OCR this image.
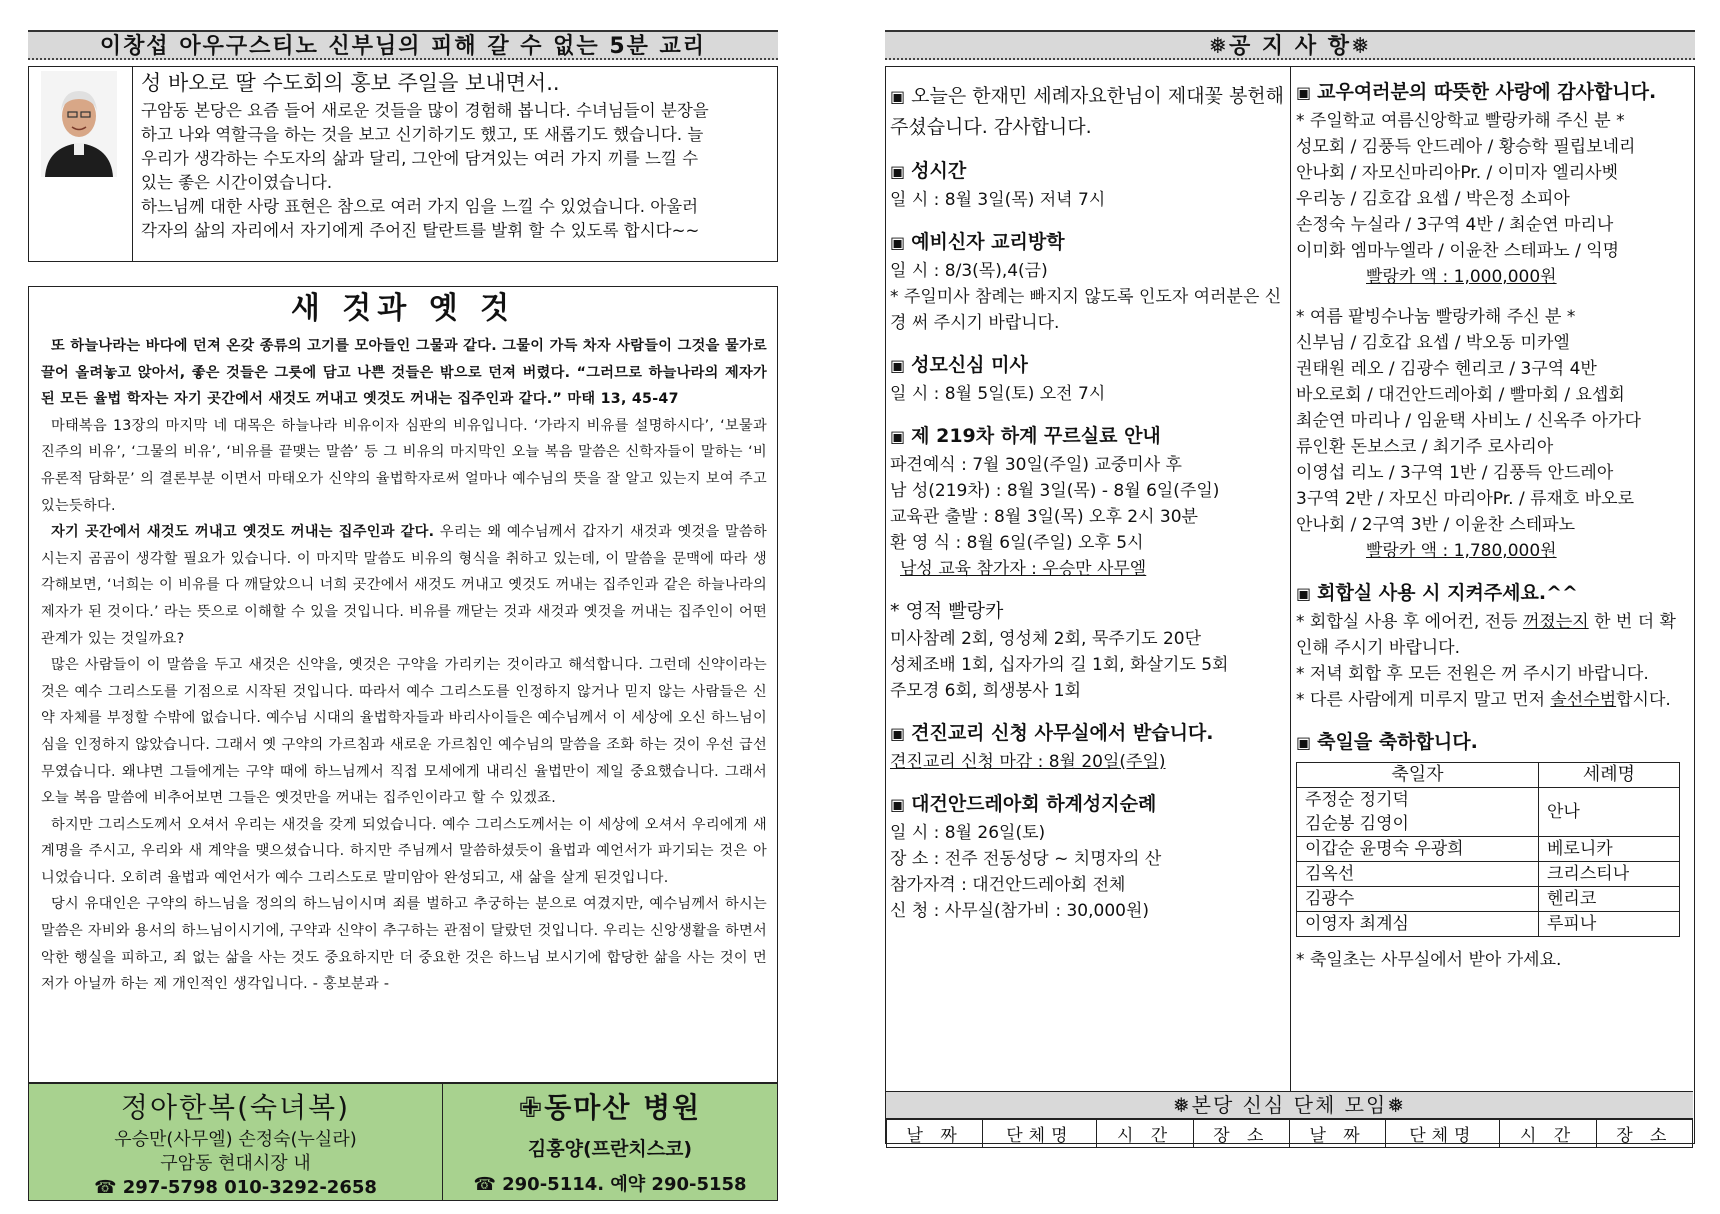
이창섭 아우구스티노 신부님의 피해 갈 수 없는 5분 교리
성 바오로 딸 수도회의 홍보 주일을 보내면서..
구암동 본당은 요즘 들어 새로운 것들을 많이 경험해 봅니다. 수녀님들이 분장을
하고 나와 역할극을 하는 것을 보고 신기하기도 했고, 또 새롭기도 했습니다. 늘
우리가 생각하는 수도자의 삶과 달리, 그안에 담겨있는 여러 가지 끼를 느낄 수
있는 좋은 시간이였습니다.
하느님께 대한 사랑 표현은 참으로 여러 가지 임을 느낄 수 있었습니다. 아울러
각자의 삶의 자리에서 자기에게 주어진 탈란트를 발휘 할 수 있도록 합시다~~
새 것과 옛 것

또 하늘나라는 바다에 던져 온갖 종류의 고기를 모아들인 그물과 같다. 그물이 가득 차자 사람들이 그것을 물가로 끌어 올려놓고 앉아서, 좋은 것들은 그릇에 담고 나쁜 것들은 밖으로 던져 버렸다. “그러므로 하늘나라의 제자가 된 모든 율법 학자는 자기 곳간에서 새것도 꺼내고 옛것도 꺼내는 집주인과 같다.” 마태 13, 45-47

마태복음 13장의 마지막 네 대목은 하늘나라 비유이자 심판의 비유입니다. ‘가라지 비유를 설명하시다’, ‘보물과 진주의 비유’, ‘그물의 비유’, ‘비유를 끝맺는 말씀’ 등 그 비유의 마지막인 오늘 복음 말씀은 신학자들이 말하는 ‘비유론적 담화문’ 의 결론부분 이면서 마태오가 신약의 율법학자로써 얼마나 예수님의 뜻을 잘 알고 있는지 보여 주고 있는듯하다.

자기 곳간에서 새것도 꺼내고 옛것도 꺼내는 집주인과 같다. 우리는 왜 예수님께서 갑자기 새것과 옛것을 말씀하시는지 곰곰이 생각할 필요가 있습니다. 이 마지막 말씀도 비유의 형식을 취하고 있는데, 이 말씀을 문맥에 따라 생각해보면, ‘너희는 이 비유를 다 깨달았으니 너희 곳간에서 새것도 꺼내고 옛것도 꺼내는 집주인과 같은 하늘나라의 제자가 된 것이다.’ 라는 뜻으로 이해할 수 있을 것입니다. 비유를 깨닫는 것과 새것과 옛것을 꺼내는 집주인이 어떤 관계가 있는 것일까요?

많은 사람들이 이 말씀을 두고 새것은 신약을, 옛것은 구약을 가리키는 것이라고 해석합니다. 그런데 신약이라는 것은 예수 그리스도를 기점으로 시작된 것입니다. 따라서 예수 그리스도를 인정하지 않거나 믿지 않는 사람들은 신약 자체를 부정할 수밖에 없습니다. 예수님 시대의 율법학자들과 바리사이들은 예수님께서 이 세상에 오신 하느님이심을 인정하지 않았습니다. 그래서 옛 구약의 가르침과 새로운 가르침인 예수님의 말씀을 조화 하는 것이 우선 급선무였습니다. 왜냐면 그들에게는 구약 때에 하느님께서 직접 모세에게 내리신 율법만이 제일 중요했습니다. 그래서 오늘 복음 말씀에 비추어보면 그들은 옛것만을 꺼내는 집주인이라고 할 수 있겠죠.

하지만 그리스도께서 오셔서 우리는 새것을 갖게 되었습니다. 예수 그리스도께서는 이 세상에 오셔서 우리에게 새 계명을 주시고, 우리와 새 계약을 맺으셨습니다. 하지만 주님께서 말씀하셨듯이 율법과 예언서가 파기되는 것은 아니었습니다. 오히려 율법과 예언서가 예수 그리스도로 말미암아 완성되고, 새 삶을 살게 된것입니다.

당시 유대인은 구약의 하느님을 정의의 하느님이시며 죄를 벌하고 추궁하는 분으로 여겼지만, 예수님께서 하시는 말씀은 자비와 용서의 하느님이시기에, 구약과 신약이 추구하는 관점이 달랐던 것입니다. 우리는 신앙생활을 하면서 악한 행실을 피하고, 죄 없는 삶을 사는 것도 중요하지만 더 중요한 것은 하느님 보시기에 합당한 삶을 사는 것이 먼저가 아닐까 하는 제 개인적인 생각입니다. - 홍보분과 -

정아한복(숙녀복)
우승만(사무엘) 손정숙(누실라)
구암동 현대시장 내
☎ 297-5798 010-3292-2658
✙동마산 병원
김홍양(프란치스코)
☎ 290-5114. 예약 290-5158
❅공 지 사 항❅
▣ 오늘은 한재민 세례자요한님이 제대꽃 봉헌해 주셨습니다. 감사합니다.
▣ 성시간
일 시 : 8월 3일(목) 저녁 7시
▣ 예비신자 교리방학
일 시 : 8/3(목),4(금)
* 주일미사 참례는 빠지지 않도록 인도자 여러분은 신경 써 주시기 바랍니다.
▣ 성모신심 미사
일 시 : 8월 5일(토) 오전 7시
▣ 제 219차 하계 꾸르실료 안내
파견예식 : 7월 30일(주일) 교중미사 후
남 성(219차) : 8월 3일(목) - 8월 6일(주일)
교육관 출발 : 8월 3일(목) 오후 2시 30분
환 영 식 : 8월 6일(주일) 오후 5시
남성 교육 참가자 : 우승만 사무엘
* 영적 빨랑카
미사참례 2회, 영성체 2회, 묵주기도 20단
성체조배 1회, 십자가의 길 1회, 화살기도 5회
주모경 6회, 희생봉사 1회
▣ 견진교리 신청 사무실에서 받습니다.
견진교리 신청 마감 : 8월 20일(주일)
▣ 대건안드레아회 하계성지순례
일 시 : 8월 26일(토)
장 소 : 전주 전동성당 ~ 치명자의 산
참가자격 : 대건안드레아회 전체
신 청 : 사무실(참가비 : 30,000원)
▣ 교우여러분의 따뜻한 사랑에 감사합니다.
* 주일학교 여름신앙학교 빨랑카해 주신 분 *
성모회 / 김풍득 안드레아 / 황승학 필립보네리
안나회 / 자모신마리아Pr. / 이미자 엘리사벳
우리농 / 김호갑 요셉 / 박은정 소피아
손정숙 누실라 / 3구역 4반 / 최순연 마리나
이미화 엠마누엘라 / 이윤찬 스테파노 / 익명
빨랑카 액 : 1,000,000원
* 여름 팥빙수나눔 빨랑카해 주신 분 *
신부님 / 김호갑 요셉 / 박오동 미카엘
권태원 레오 / 김광수 헨리코 / 3구역 4반
바오로회 / 대건안드레아회 / 빨마회 / 요셉회
최순연 마리나 / 임윤택 사비노 / 신옥주 아가다
류인환 돈보스코 / 최기주 로사리아
이영섭 리노 / 3구역 1반 / 김풍득 안드레아
3구역 2반 / 자모신 마리아Pr. / 류재호 바오로
안나회 / 2구역 3반 / 이윤찬 스테파노
빨랑카 액 : 1,780,000원
▣ 회합실 사용 시 지켜주세요.^^
* 회합실 사용 후 에어컨, 전등 꺼졌는지 한 번 더 확인해 주시기 바랍니다.
* 저녁 회합 후 모든 전원은 꺼 주시기 바랍니다.
* 다른 사람에게 미루지 말고 먼저 솔선수범합시다.
▣ 축일을 축하합니다.
축일자	세례명
주정순 정기덕
김순봉 김영이	안나
이갑순 윤명숙 우광희	베로니카
김옥선	크리스티나
김광수	헨리코
이영자 최계심	루피나
* 축일초는 사무실에서 받아 가세요.
❅본당 신심 단체 모임❅
날 짜	단체명	시 간	장 소	날 짜	단체명	시 간	장 소
